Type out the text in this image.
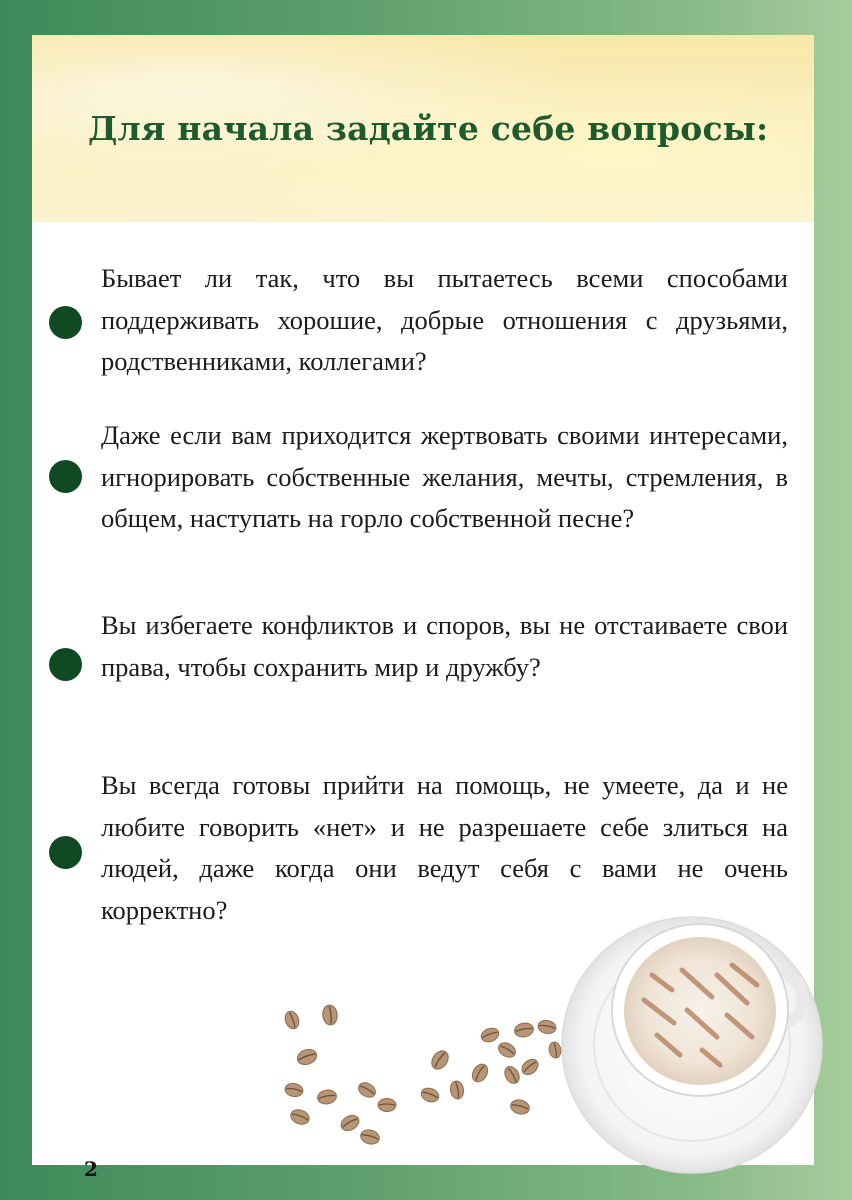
Для начала задайте себе вопросы:

Бывает ли так, что вы пытаетесь всеми способами поддерживать хорошие, добрые отношения с друзьями, родственниками, коллегами?

Даже если вам приходится жертвовать своими интересами, игнорировать собственные желания, мечты, стремления, в общем, наступать на горло собственной песне?

Вы избегаете конфликтов и споров, вы не отстаиваете свои права, чтобы сохранить мир и дружбу?

Вы всегда готовы прийти на помощь, не умеете, да и не любите говорить «нет» и не разрешаете себе злиться на людей, даже когда они ведут себя с вами не очень корректно?

2
